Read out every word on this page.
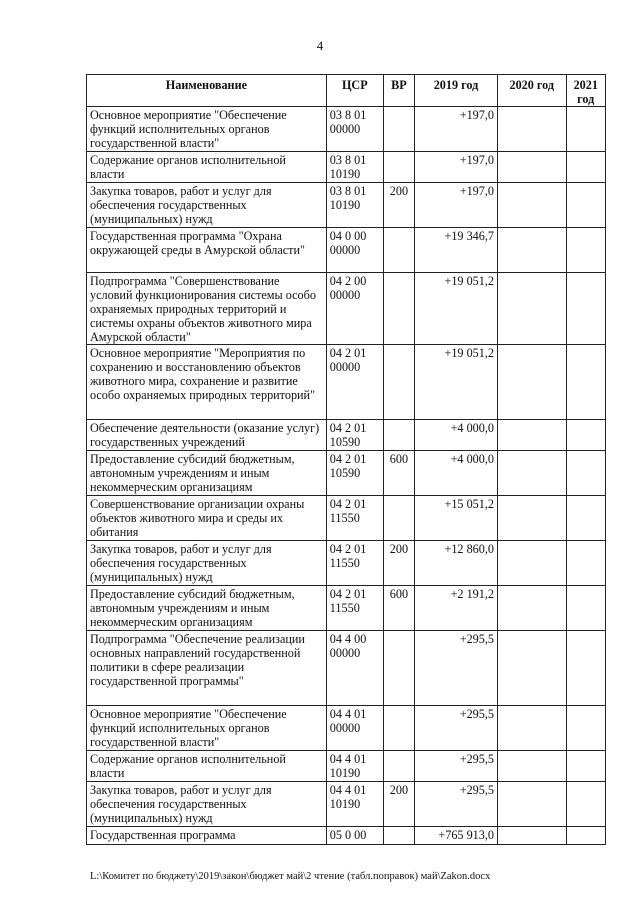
4
Наименование	ЦСР	ВР	2019 год	2020 год	2021 год
Основное мероприятие "Обеспечение функций исполнительных органов государственной власти"	03 8 01 00000		+197,0		
Содержание органов исполнительной власти	03 8 01 10190		+197,0		
Закупка товаров, работ и услуг для обеспечения государственных (муниципальных) нужд	03 8 01 10190	200	+197,0		
Государственная программа "Охрана окружающей среды в Амурской области"	04 0 00 00000		+19 346,7		
Подпрограмма "Совершенствование условий функционирования системы особо охраняемых природных территорий и системы охраны объектов животного мира Амурской области"	04 2 00 00000		+19 051,2		
Основное мероприятие "Мероприятия по сохранению и восстановлению объектов животного мира, сохранение и развитие особо охраняемых природных территорий"	04 2 01 00000		+19 051,2		
Обеспечение деятельности (оказание услуг) государственных учреждений	04 2 01 10590		+4 000,0		
Предоставление субсидий бюджетным, автономным учреждениям и иным некоммерческим организациям	04 2 01 10590	600	+4 000,0		
Совершенствование организации охраны объектов животного мира и среды их обитания	04 2 01 11550		+15 051,2		
Закупка товаров, работ и услуг для обеспечения государственных (муниципальных) нужд	04 2 01 11550	200	+12 860,0		
Предоставление субсидий бюджетным, автономным учреждениям и иным некоммерческим организациям	04 2 01 11550	600	+2 191,2		
Подпрограмма "Обеспечение реализации основных направлений государственной политики в сфере реализации государственной программы"	04 4 00 00000		+295,5		
Основное мероприятие "Обеспечение функций исполнительных органов государственной власти"	04 4 01 00000		+295,5		
Содержание органов исполнительной власти	04 4 01 10190		+295,5		
Закупка товаров, работ и услуг для обеспечения государственных (муниципальных) нужд	04 4 01 10190	200	+295,5		
Государственная программа	05 0 00		+765 913,0		
L:\Комитет по бюджету\2019\закон\бюджет май\2 чтение (табл.поправок) май\Zakon.docx
